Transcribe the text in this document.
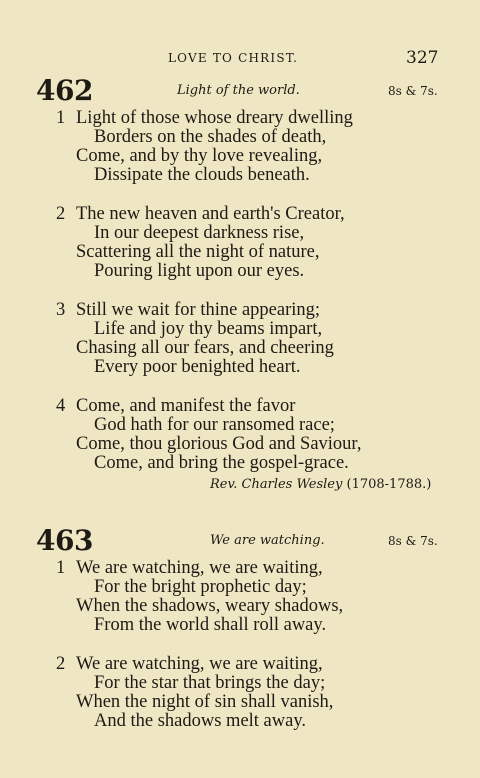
LOVE TO CHRIST.	327
462	Light of the world.	8s & 7s.
1 Light of those whose dreary dwelling
Borders on the shades of death,
Come, and by thy love revealing,
Dissipate the clouds beneath.
2 The new heaven and earth's Creator,
In our deepest darkness rise,
Scattering all the night of nature,
Pouring light upon our eyes.
3 Still we wait for thine appearing;
Life and joy thy beams impart,
Chasing all our fears, and cheering
Every poor benighted heart.
4 Come, and manifest the favor
God hath for our ransomed race;
Come, thou glorious God and Saviour,
Come, and bring the gospel-grace.
Rev. Charles Wesley (1708-1788.)
463	We are watching.	8s & 7s.
1 We are watching, we are waiting,
For the bright prophetic day;
When the shadows, weary shadows,
From the world shall roll away.
2 We are watching, we are waiting,
For the star that brings the day;
When the night of sin shall vanish,
And the shadows melt away.
